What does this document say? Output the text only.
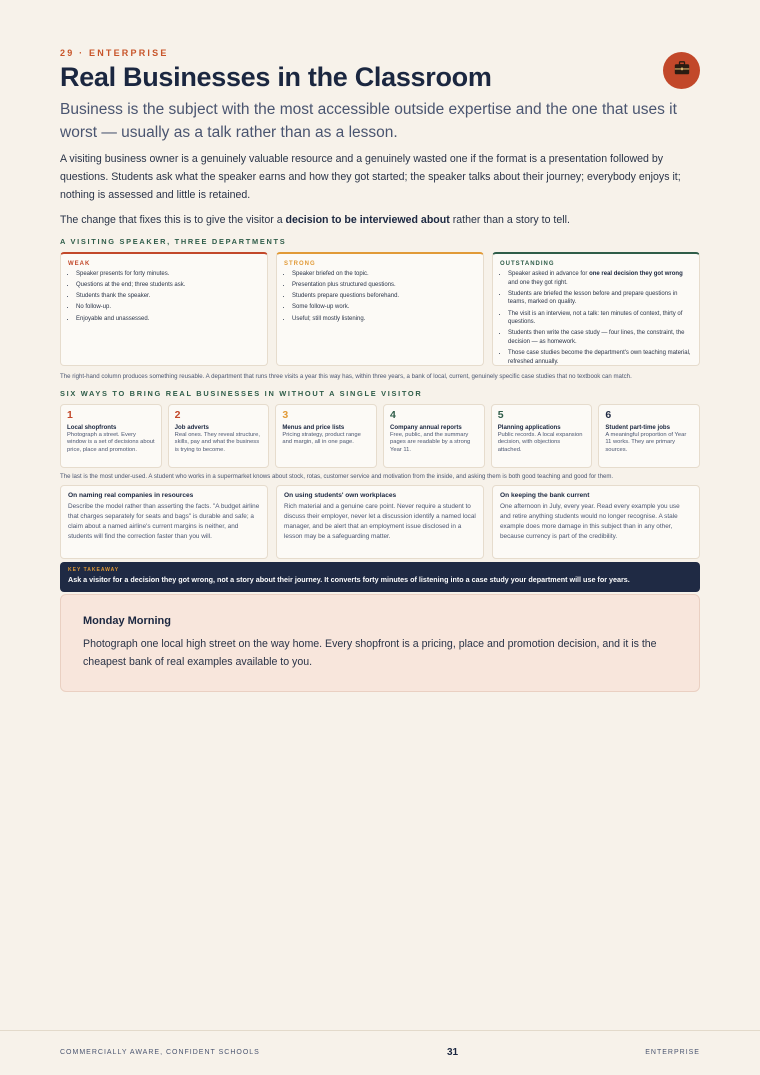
29 · ENTERPRISE

Real Businesses in the Classroom

Business is the subject with the most accessible outside expertise and the one that uses it worst — usually as a talk rather than as a lesson.

A visiting business owner is a genuinely valuable resource and a genuinely wasted one if the format is a presentation followed by questions. Students ask what the speaker earns and how they got started; the speaker talks about their journey; everybody enjoys it; nothing is assessed and little is retained.

The change that fixes this is to give the visitor a decision to be interviewed about rather than a story to tell.

A VISITING SPEAKER, THREE DEPARTMENTS

WEAK

• Speaker presents for forty minutes.
• Questions at the end; three students ask.
• Students thank the speaker.
• No follow-up.
• Enjoyable and unassessed.

STRONG

• Speaker briefed on the topic.
• Presentation plus structured questions.
• Students prepare questions beforehand.
• Some follow-up work.
• Useful; still mostly listening.

OUTSTANDING

• Speaker asked in advance for one real decision they got wrong and one they got right.
• Students are briefed the lesson before and prepare questions in teams, marked on quality.
• The visit is an interview, not a talk: ten minutes of context, thirty of questions.
• Students then write the case study — four lines, the constraint, the decision — as homework.
• Those case studies become the department's own teaching material, refreshed annually.

The right-hand column produces something reusable. A department that runs three visits a year this way has, within three years, a bank of local, current, genuinely specific case studies that no textbook can match.

SIX WAYS TO BRING REAL BUSINESSES IN WITHOUT A SINGLE VISITOR

1

Local shopfronts

Photograph a street. Every window is a set of decisions about price, place and promotion.

2

Job adverts

Real ones. They reveal structure, skills, pay and what the business is trying to become.

3

Menus and price lists

Pricing strategy, product range and margin, all in one page.

4

Company annual reports

Free, public, and the summary pages are readable by a strong Year 11.

5

Planning applications

Public records. A local expansion decision, with objections attached.

6

Student part-time jobs

A meaningful proportion of Year 11 works. They are primary sources.

The last is the most under-used. A student who works in a supermarket knows about stock, rotas, customer service and motivation from the inside, and asking them is both good teaching and good for them.

On naming real companies in resources

Describe the model rather than asserting the facts. "A budget airline that charges separately for seats and bags" is durable and safe; a claim about a named airline's current margins is neither, and students will find the correction faster than you will.

On using students' own workplaces

Rich material and a genuine care point. Never require a student to discuss their employer, never let a discussion identify a named local manager, and be alert that an employment issue disclosed in a lesson may be a safeguarding matter.

On keeping the bank current

One afternoon in July, every year. Read every example you use and retire anything students would no longer recognise. A stale example does more damage in this subject than in any other, because currency is part of the credibility.

KEY TAKEAWAY

Ask a visitor for a decision they got wrong, not a story about their journey. It converts forty minutes of listening into a case study your department will use for years.

Monday Morning

Photograph one local high street on the way home. Every shopfront is a pricing, place and promotion decision, and it is the cheapest bank of real examples available to you.

COMMERCIALLY AWARE, CONFIDENT SCHOOLS	31	ENTERPRISE
